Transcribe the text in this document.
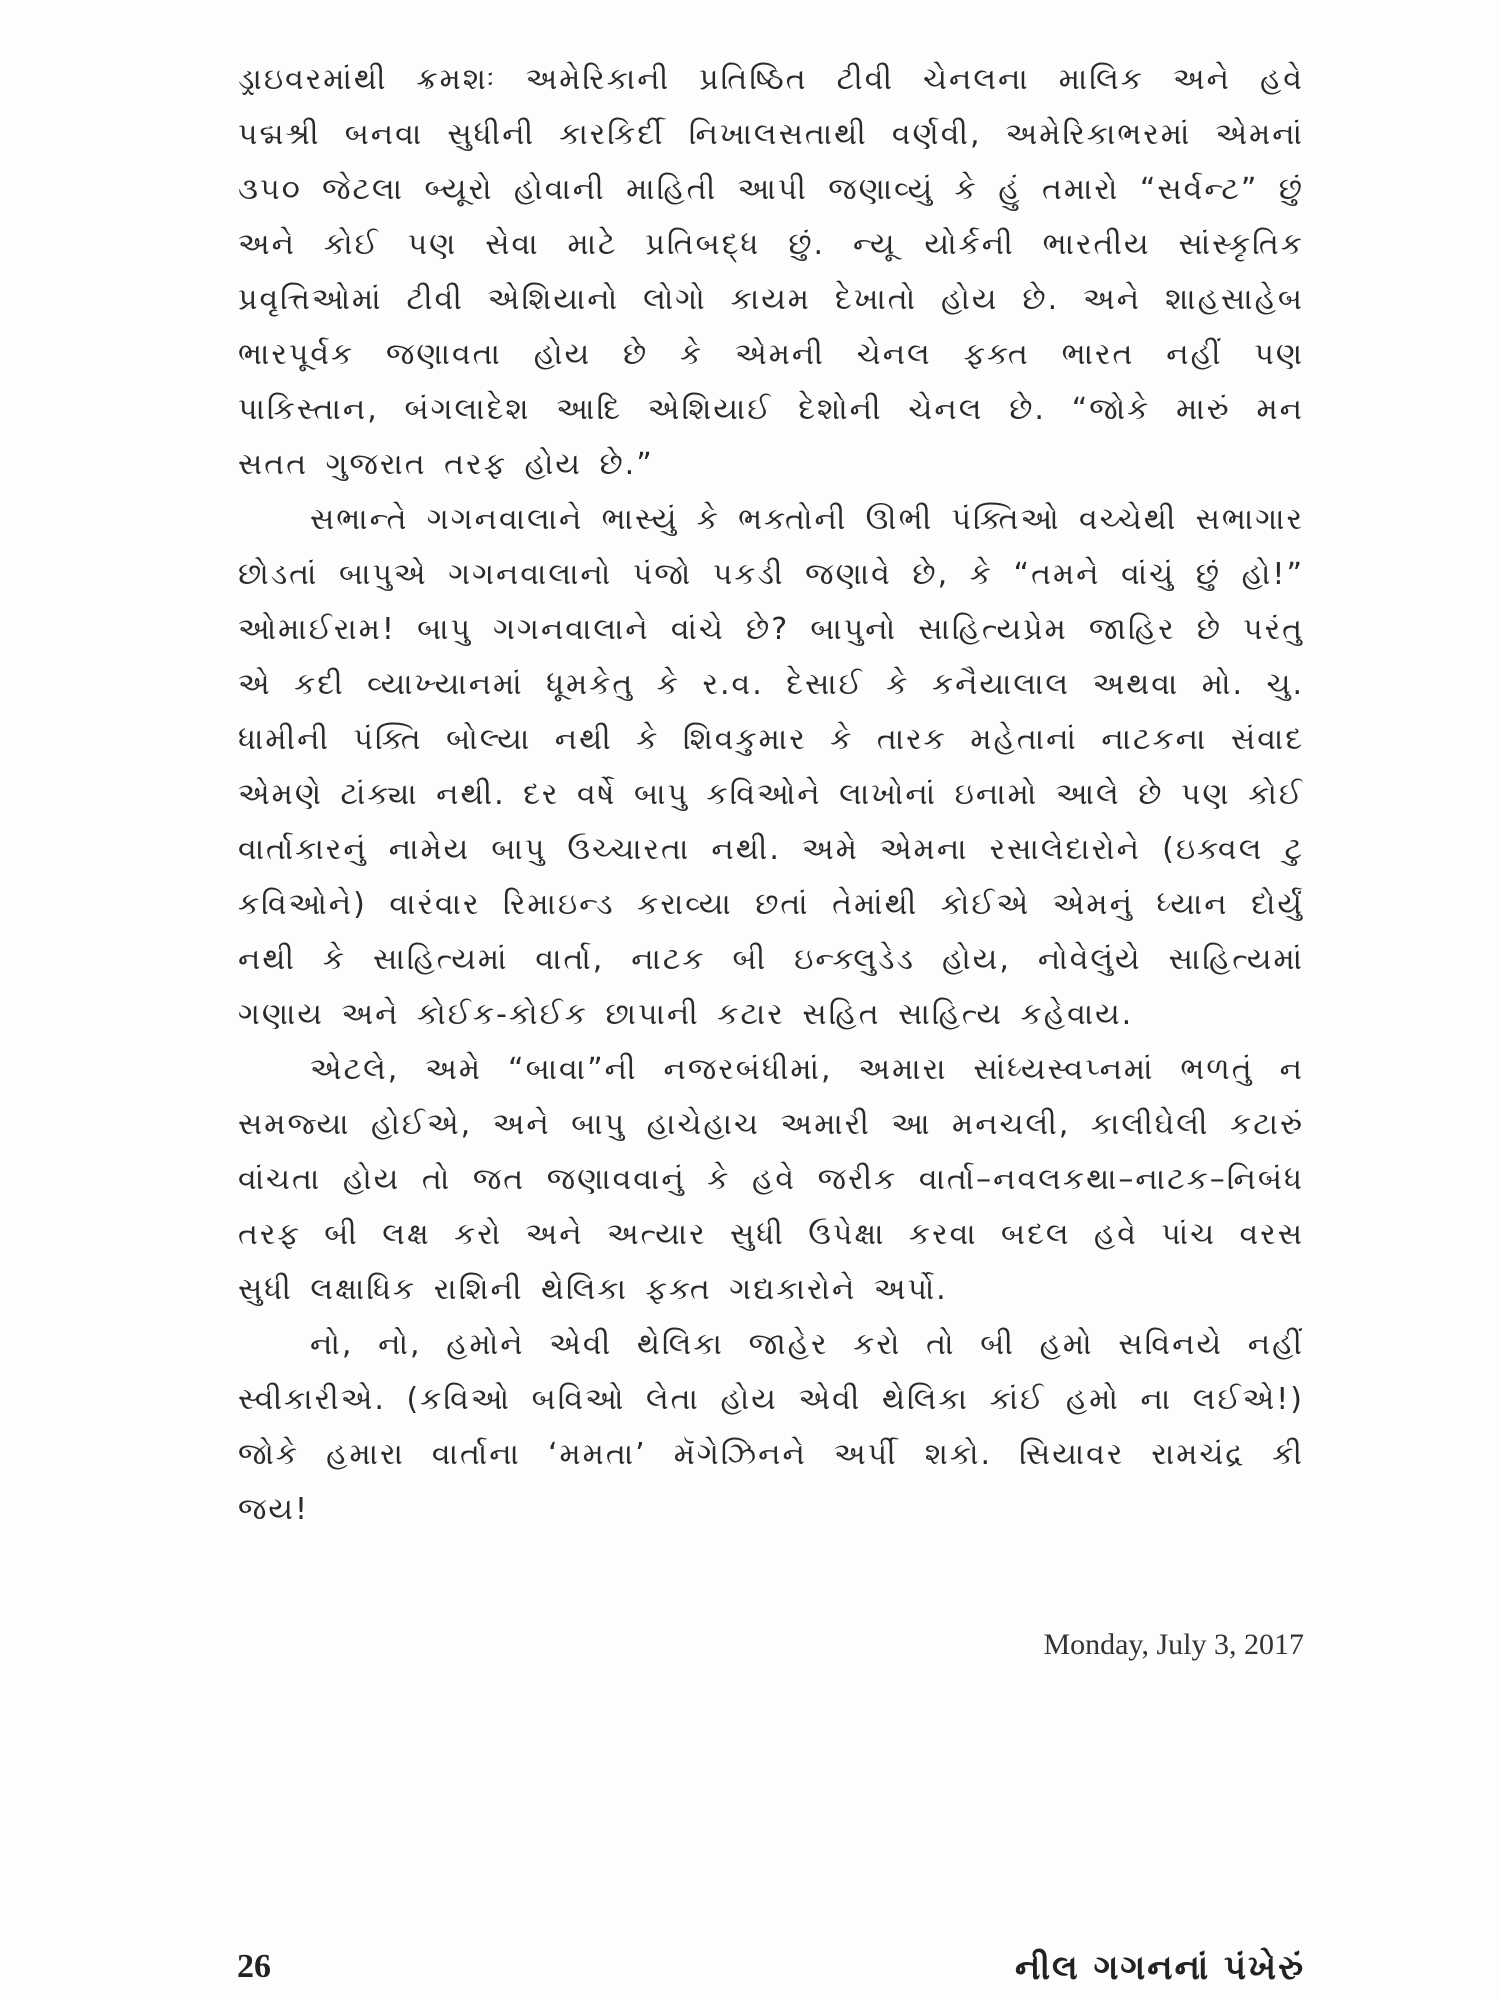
ડ્રાઇવરમાંથી ક્રમશઃ અમેરિકાની પ્રતિષ્ઠિત ટીવી ચેનલના માલિક અને હવે પદ્મશ્રી બનવા સુધીની કારકિર્દી નિખાલસતાથી વર્ણવી, અમેરિકાભરમાં એમનાં ૩૫૦ જેટલા બ્યૂરો હોવાની માહિતી આપી જણાવ્યું કે હું તમારો “સર્વન્ટ” છું અને કોઈ પણ સેવા માટે પ્રતિબદ્ધ છું. ન્યૂ યોર્કની ભારતીય સાંસ્કૃતિક પ્રવૃત્તિઓમાં ટીવી એશિયાનો લોગો કાયમ દેખાતો હોય છે. અને શાહસાહેબ ભારપૂર્વક જણાવતા હોય છે કે એમની ચેનલ ફક્ત ભારત નહીં પણ પાકિસ્તાન, બંગલાદેશ આદિ એશિયાઈ દેશોની ચેનલ છે. “જોકે મારું મન સતત ગુજરાત તરફ હોય છે.”

સભાન્તે ગગનવાલાને ભાસ્યું કે ભક્તોની ઊભી પંક્તિઓ વચ્ચેથી સભાગાર છોડતાં બાપુએ ગગનવાલાનો પંજો પકડી જણાવે છે, કે “તમને વાંચું છું હો!” ઓમાઈરામ! બાપુ ગગનવાલાને વાંચે છે? બાપુનો સાહિત્યપ્રેમ જાહિર છે પરંતુ એ કદી વ્યાખ્યાનમાં ધૂમકેતુ કે ર.વ. દેસાઈ કે કનૈયાલાલ અથવા મો. ચુ. ધામીની પંક્તિ બોલ્યા નથી કે શિવકુમાર કે તારક મહેતાનાં નાટકના સંવાદ એમણે ટાંક્યા નથી. દર વર્ષે બાપુ કવિઓને લાખોનાં ઇનામો આલે છે પણ કોઈ વાર્તાકારનું નામેય બાપુ ઉચ્ચારતા નથી. અમે એમના રસાલેદારોને (ઇક્વલ ટુ કવિઓને) વારંવાર રિમાઇન્ડ કરાવ્યા છતાં તેમાંથી કોઈએ એમનું ધ્યાન દોર્યું નથી કે સાહિત્યમાં વાર્તા, નાટક બી ઇન્ક્લુડેડ હોય, નોવેલુંયે સાહિત્યમાં ગણાય અને કોઈક-કોઈક છાપાની કટાર સહિત સાહિત્ય કહેવાય.

એટલે, અમે “બાવા”ની નજરબંધીમાં, અમારા સાંધ્યસ્વપ્નમાં ભળતું ન સમજ્યા હોઈએ, અને બાપુ હાચેહાચ અમારી આ મનચલી, કાલીઘેલી કટારું વાંચતા હોય તો જત જણાવવાનું કે હવે જરીક વાર્તા–નવલકથા–નાટક–નિબંધ તરફ બી લક્ષ કરો અને અત્યાર સુધી ઉપેક્ષા કરવા બદલ હવે પાંચ વરસ સુધી લક્ષાધિક રાશિની થેલિકા ફક્ત ગદ્યકારોને અર્પો.

નો, નો, હમોને એવી થેલિકા જાહેર કરો તો બી હમો સવિનયે નહીં સ્વીકારીએ. (કવિઓ બવિઓ લેતા હોય એવી થેલિકા કાંઈ હમો ના લઈએ!) જોકે હમારા વાર્તાના ‘મમતા’ મૅગેઝિનને અર્પી શકો. સિયાવર રામચંદ્ર કી જય!

Monday, July 3, 2017
26	નીલ ગગનનાં પંખેરું
